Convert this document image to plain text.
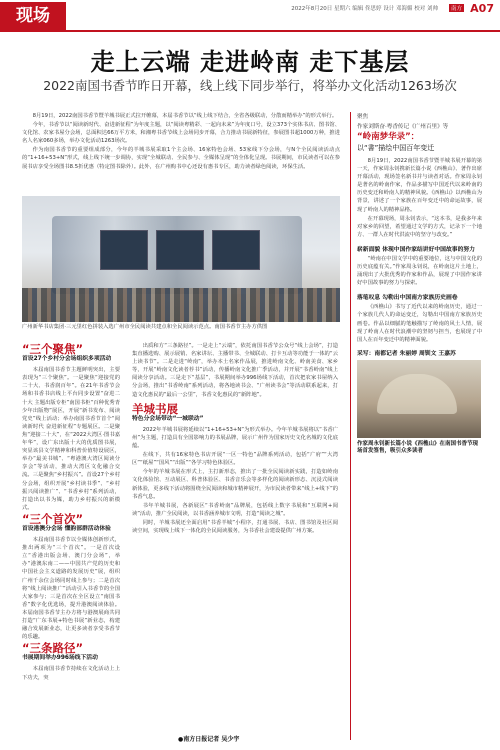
现场	2022年8月20日 星期六 编辑 佟思婷 设计 邓海媚 校对 刘帅	南方 A07
走上云端 走进岭南 走下基层
2022南国书香节昨日开幕，线上线下同步举行，将举办文化活动1263场次

8月19日，2022南国书香节暨羊城书展正式拉开帷幕，本届书香节以“线上线下结合，全省各级联动，分散而精举办”的形式举行。

今年，书香节以“阅读新时代、奋进新征程”为年度主题，以“阅读粤精彩、一起向未来”为年度口号，设立373个实体书店、图书馆、文化馆、农家书屋分会场，总面积达66万平方米，和湘粤书香节线上会场同步开幕，合力推动书展新特征，参展图书超1000万种，推进名人名家060多场，举办文化活动1263场次。

作为南国书香节的重要组成部分，今年的羊城书展采取1个主会场、16家特色会场、53家线下分会场，与N个全民阅读活动点的“1+16+53+N”形式，线上线下统一步调协，实现“全城联动、全民参与、全媒体呈现”的全体化呈现。书展期间，市民读者可以在参展书店享受全场图书8.5折优惠（特定图书除外）。此外，在广州购书中心还设有惠书专区，助力读者绿色阅读，环保生活。

广州新华书店集团·三元里红色拼装入选广州市全民阅读共建点和全民阅读示范点。南国书香节主办方供图
“三个聚焦”
首设27个乡村分会场组织多项活动

本届南国书香节主题鲜明突出，主要表现为“三个聚焦”。一是聚焦“迎接党的二十大、书香润百年”。在21年书香节会场和书香书店线上平台同步设置“奋进二十大 主题出版专柜”南国书柜“百种优秀青少年出版物”展区，开展“新书发布、阅读党史”线上活动；举办南国书香节首个“阅读新时代 奋进新征程”专题展区。二是聚焦“迎接二十大”，在“2022大湾区·图书嘉年华”，设广东出版十大的优质图书展，突显该县文学精神和科普价值特设展区，举办“最美书城”、“粤港澳大湾区阅读分享会”等活动，推动大湾区文化融合交流。三是聚焦“乡村振兴”。首设27个乡村分会场，组织开展“乡村读书季”、“乡村振兴阅读推广”、“书香乡村”系列活动，打造出以书为媒，助力乡村振兴的新模式。

“三个首次”
首设港澳分会场 懂韵部群活动体验

本届南国书香节以全媒体创新形式，推出两项为“三个首次”。一是首次设立“香港出版会场、澳门分会场”，举办“港澳东南二——中国共产党的历史和中国社会主义道路的发展历史”展，组织广州千余位会场同时线上参与；二是首次将“线上阅读推广”活动引入书香节的全国大家参与；三是首次在全区设立“南国书香”数字化优选场，提升港澳阅读体验。本届南国书香节主办方将与港澳展商共同打造“广东书展+特色书展”新业态，构建融合发展新业态，让更多读者享受书香节的乐趣。

“三条路径”
书展期间举办996场线下活动

本届南国书香节持续在文化活动上上下功夫，突

出质和方“三条路径”。一是走上“云端”，依托南国书香节公众号“线上会场”，打造集直播选购、展示展销、名家讲坛、主播带书、全城联动、打卡互动等功能于一体的“云上读书节”。二是走进“岭南”，举办本土名家作品展，推进岭南文化、岭南美食、家乡等，开展“岭南文化读者荐书”活动，传播岭南文化推广季活动，并开展“书香岭南”线上阅读分享活动。三是走下“基层”，书展期间举办996场线下活动，首次把农家书屋纳入分会场，推出“书香岭南”系列活动，将各地读书会、“广州读书会”等活动联系起来，打造文化惠民的“最后一公里”，书香文化惠民的“新阵地”。

羊城书展
特色分会场带动“一城联动”

2022年羊城书展将延续以“1+16+53+N”为形式举办。今年羊城书展将以“书香广州”为主题，打造具有全国影响力的书展品牌，展示广州作为国家历史文化名城的文化底蕴。

在线下，共有16家特色书店开展“一区一特色”品牌系列活动，包括“广府”“大湾区”“纸屋”“国风”“出版”“各学习特色体验区。

今年的羊城书展在形式上，主打新形态，推出了一批全民阅读新实践，打造如岭南文化体验馆、互动展区、科普体验区、书香音乐会等多样化的阅读新形态、沉浸式阅读新体验，更多线下活动将围绕全民阅读和城市精神展开，为市民读者带来“线上+线下”的书香气息。

书年羊城书展，各新展区“书香岭南”品牌展，包括线上数字书展和“互联网+阅读”活动，推广全民阅读，以书香涵养城市文明，打造“阅读之城”。

同时，羊城书展还全面启用“书香羊城”小程序，打通书展、书店、图书馆及社区阅读空间，实现线上线下一体化的全民阅读服务，为书香社会建设提供广州方案。

●南方日报记者 吴少宇
聚焦
作家刘斯奋·粤香传记《广州百里》等
“岭南梦华录”：
以“書”描绘中国百年变迁

8月19日，2022南国书香节暨羊城书展开幕的第一天，作家周永钊携新长篇小说《西樵山》、著作出席开幕活动，现场签名新书并与读者对话。作家周永钊是著名的岭南作家，作品多描写中国近代以来岭南的历史变迁和岭南人的精神风貌。《西樵山》以西樵山为背景，讲述了一个家族在百年变迁中的命运故事，展现了岭南人的精神品格。

在开幕现场，周永钊表示，“这本书，是我多年来对家乡的回望，希望通过文学的方式，记录下一个地方、一群人在时代洪流中的坚守与改变。”

崭新面貌 体现中国作家结讲好中国故事的努力

“岭南在中国文学中的重要地位，这与中国文化的历史底蕴有关。”作家周永钊说，在岭南这片土地上，涌现出了大批优秀的作家和作品，展现了中国作家讲好中国故事的努力与探索。

落笔叹息 勾勒出中国南方家族历史画卷

《西樵山》书写了近代以来的岭南历史，通过一个家族几代人的命运变迁，勾勒出中国南方家族历史画卷。作品以细腻的笔触描写了岭南的风土人情，展现了岭南人在时代浪潮中的坚韧与担当，也展现了中国人在百年变迁中的精神面貌。

采写：南都记者 朱丽婷 周钏文 王嘉苏
作家周永钊新长篇小说《西樵山》在南国书香节现场首发签售，吸引众多读者
